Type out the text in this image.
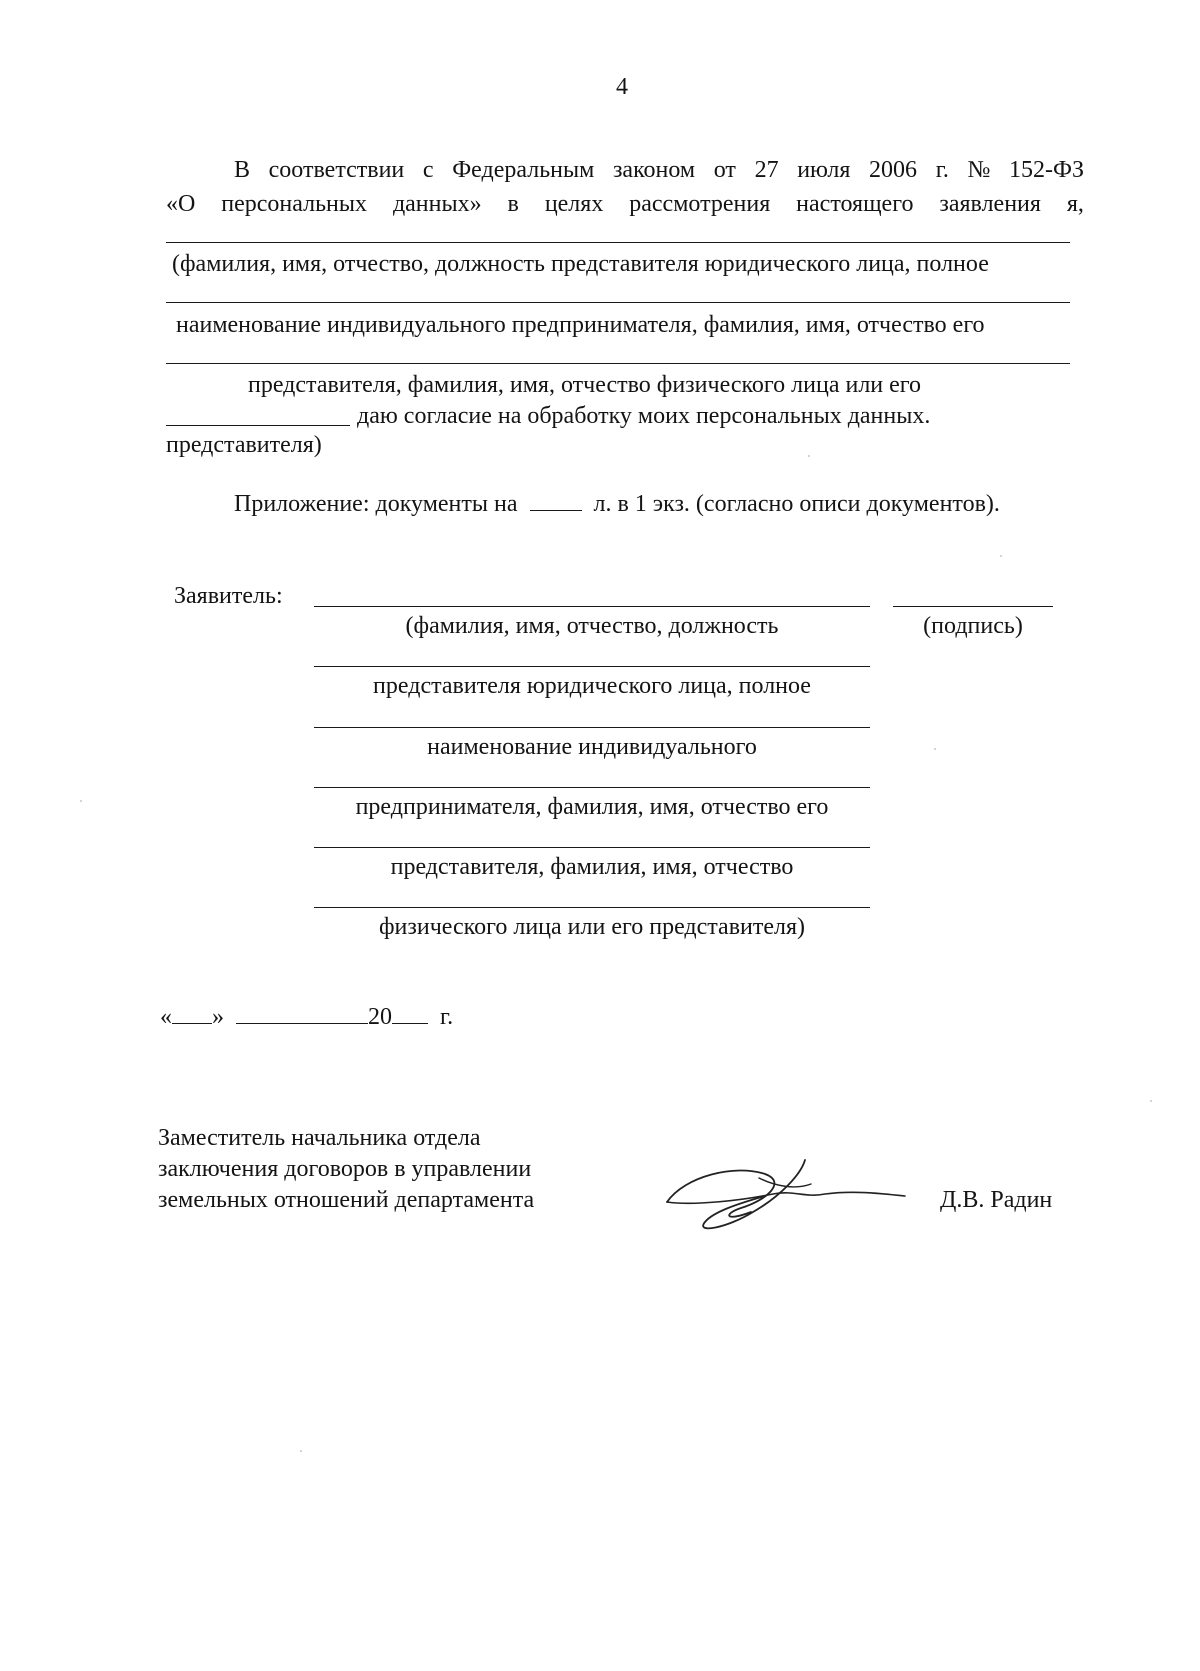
4
В соответствии с Федеральным законом от 27 июля 2006 г. № 152-ФЗ
«О персональных данных» в целях рассмотрения настоящего заявления я,
(фамилия, имя, отчество, должность представителя юридического лица, полное
наименование индивидуального предпринимателя, фамилия, имя, отчество его
представителя, фамилия, имя, отчество физического лица или его
даю согласие на обработку моих персональных данных.
представителя)
Приложение: документы на	л. в 1 экз. (согласно описи документов).
Заявитель:
(подпись)
(фамилия, имя, отчество, должность
представителя юридического лица, полное
наименование индивидуального
предпринимателя, фамилия, имя, отчество его
представителя, фамилия, имя, отчество
физического лица или его представителя)
« »	20 г.
Заместитель начальника отдела
заключения договоров в управлении
земельных отношений департамента	Д.В. Радин
